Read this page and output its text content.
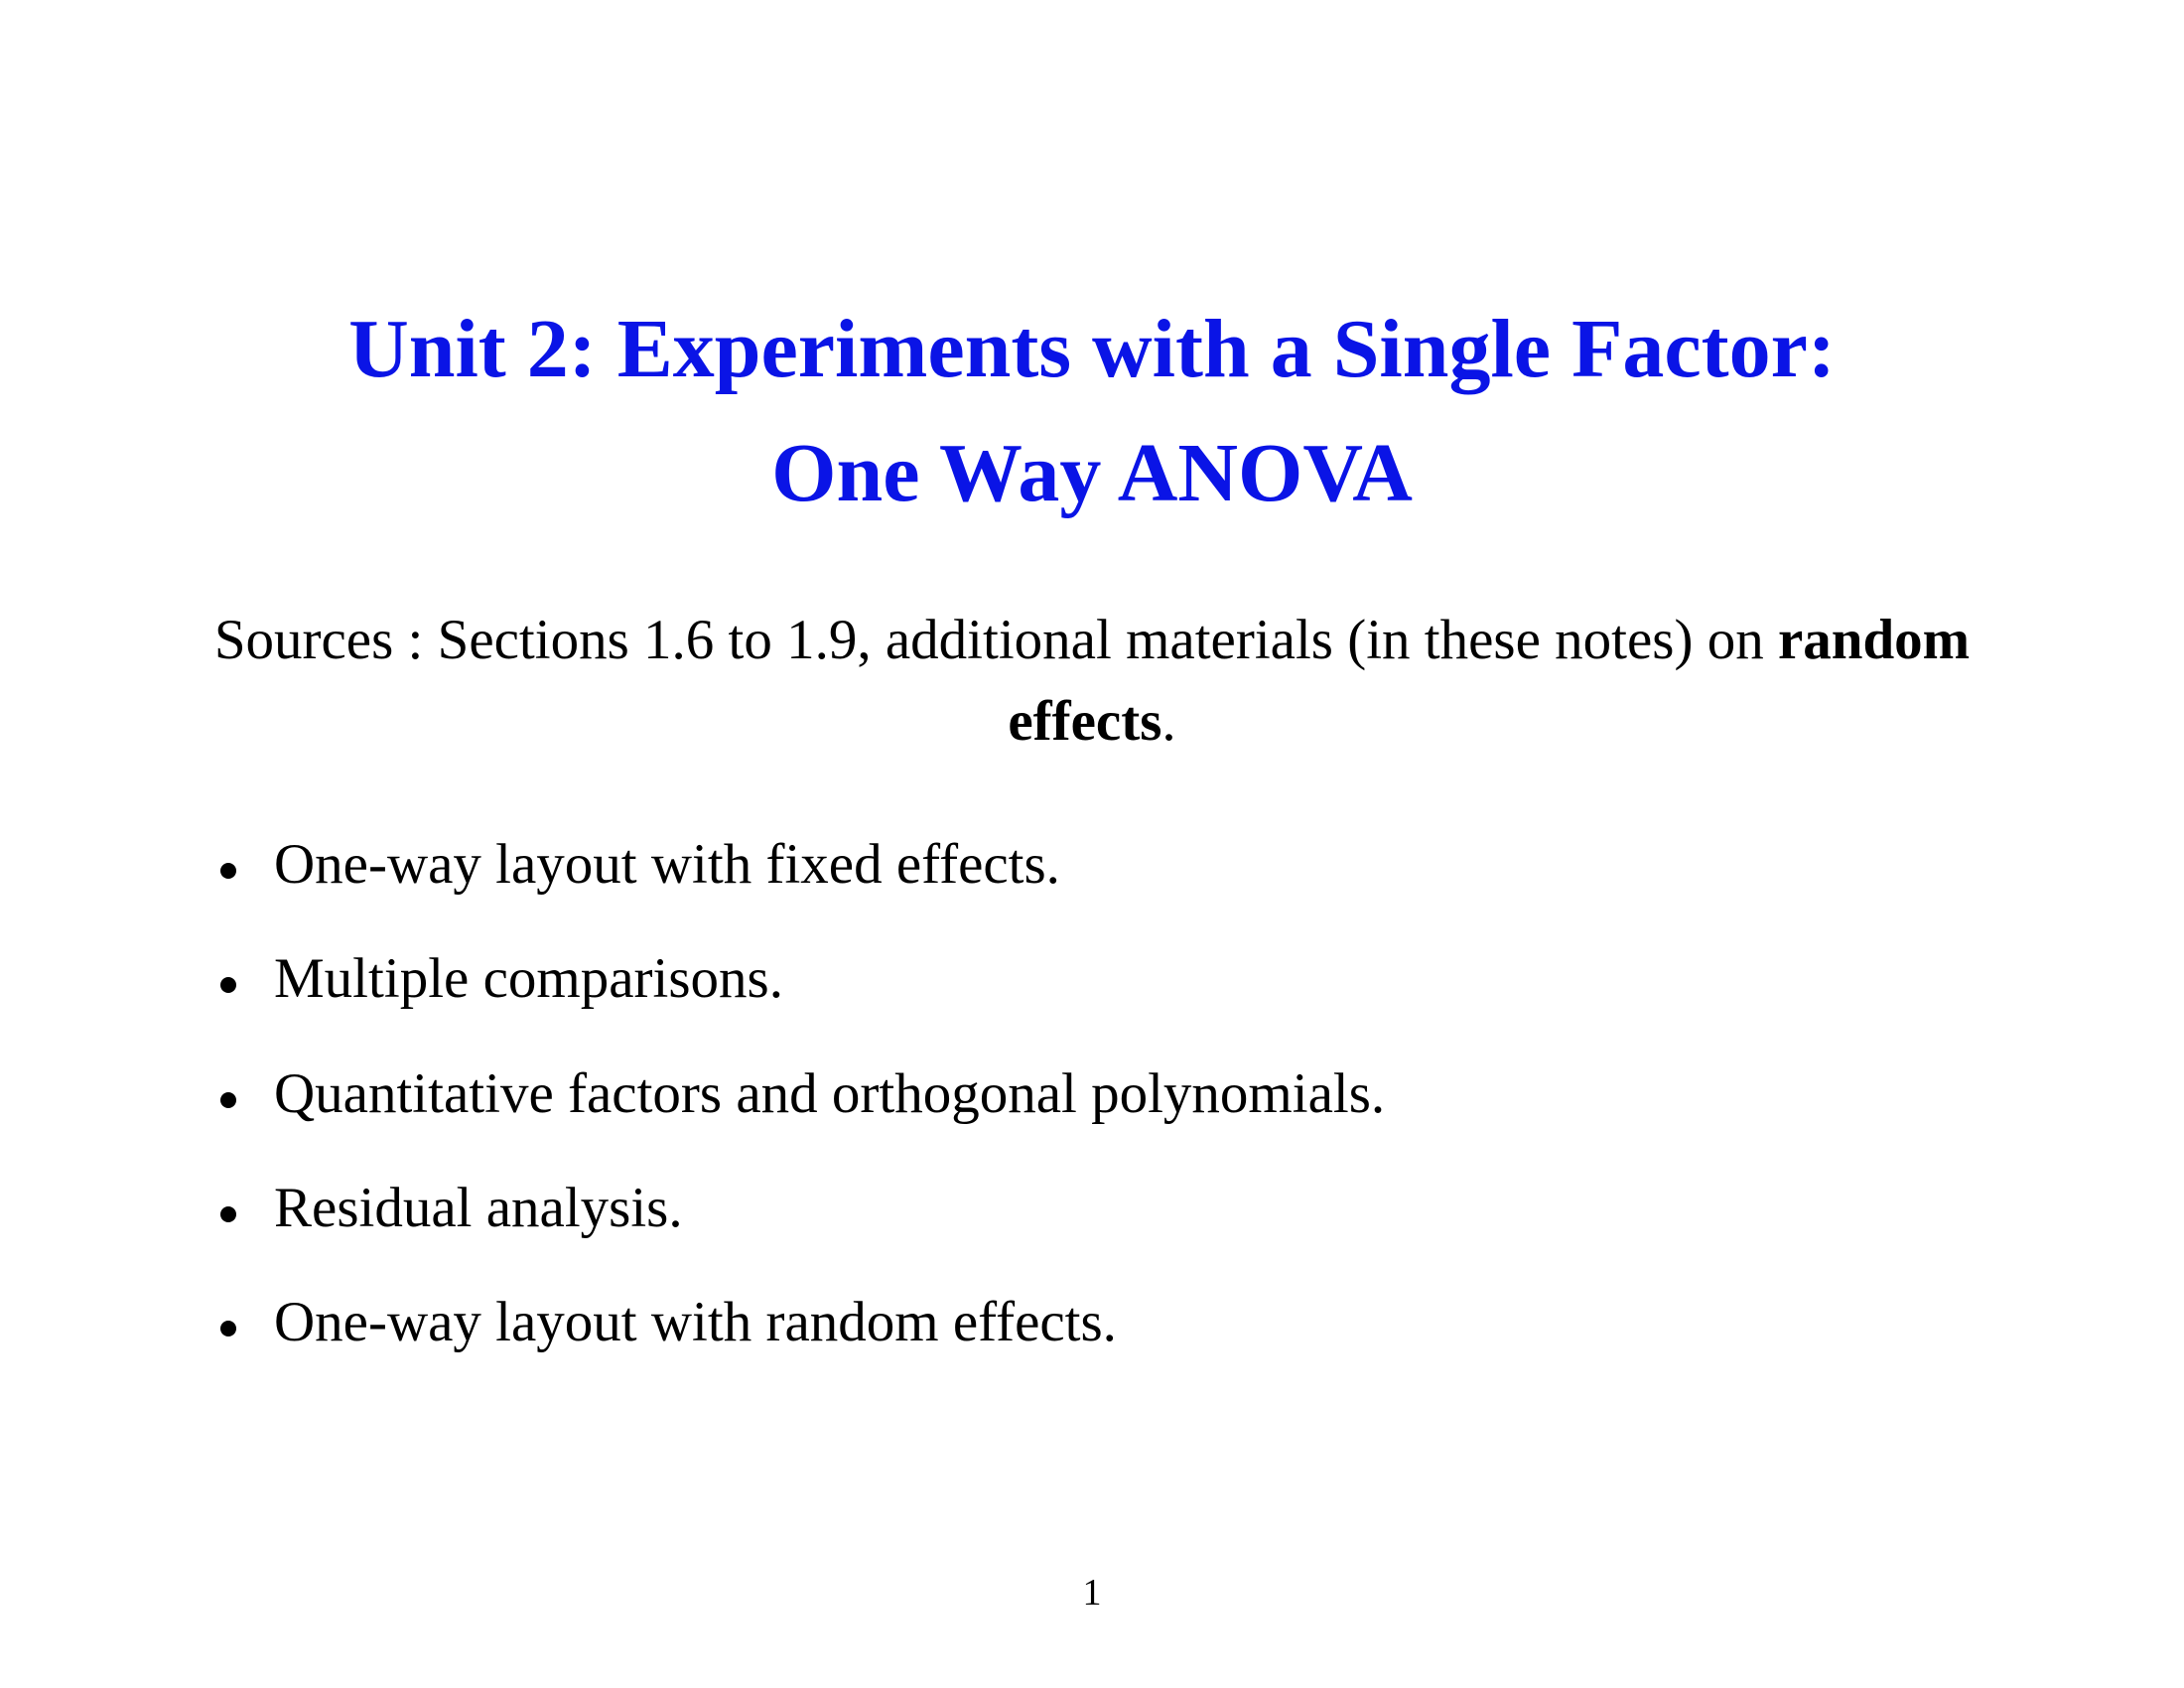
Unit 2: Experiments with a Single Factor:
One Way ANOVA
Sources : Sections 1.6 to 1.9, additional materials (in these notes) on random effects.
One-way layout with fixed effects.
Multiple comparisons.
Quantitative factors and orthogonal polynomials.
Residual analysis.
One-way layout with random effects.
1
